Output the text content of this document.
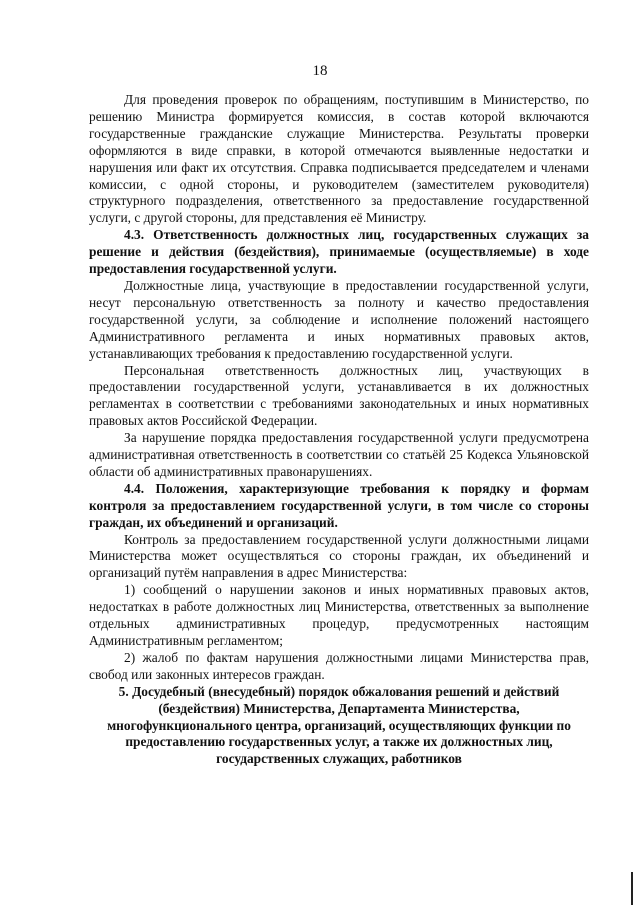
18

Для проведения проверок по обращениям, поступившим в Министерство, по решению Министра формируется комиссия, в состав которой включаются государственные гражданские служащие Министерства. Результаты проверки оформляются в виде справки, в которой отмечаются выявленные недостатки и нарушения или факт их отсутствия. Справка подписывается председателем и членами комиссии, с одной стороны, и руководителем (заместителем руководителя) структурного подразделения, ответственного за предоставление государственной услуги, с другой стороны, для представления её Министру.

4.3. Ответственность должностных лиц, государственных служащих за решение и действия (бездействия), принимаемые (осуществляемые) в ходе предоставления государственной услуги.

Должностные лица, участвующие в предоставлении государственной услуги, несут персональную ответственность за полноту и качество предоставления государственной услуги, за соблюдение и исполнение положений настоящего Административного регламента и иных нормативных правовых актов, устанавливающих требования к предоставлению государственной услуги.

Персональная ответственность должностных лиц, участвующих в предоставлении государственной услуги, устанавливается в их должностных регламентах в соответствии с требованиями законодательных и иных нормативных правовых актов Российской Федерации.

За нарушение порядка предоставления государственной услуги предусмотрена административная ответственность в соответствии со статьёй 25 Кодекса Ульяновской области об административных правонарушениях.

4.4. Положения, характеризующие требования к порядку и формам контроля за предоставлением государственной услуги, в том числе со стороны граждан, их объединений и организаций.

Контроль за предоставлением государственной услуги должностными лицами Министерства может осуществляться со стороны граждан, их объединений и организаций путём направления в адрес Министерства:

1) сообщений о нарушении законов и иных нормативных правовых актов, недостатках в работе должностных лиц Министерства, ответственных за выполнение отдельных административных процедур, предусмотренных настоящим Административным регламентом;

2) жалоб по фактам нарушения должностными лицами Министерства прав, свобод или законных интересов граждан.

5. Досудебный (внесудебный) порядок обжалования решений и действий (бездействия) Министерства, Департамента Министерства, многофункционального центра, организаций, осуществляющих функции по предоставлению государственных услуг, а также их должностных лиц, государственных служащих, работников
